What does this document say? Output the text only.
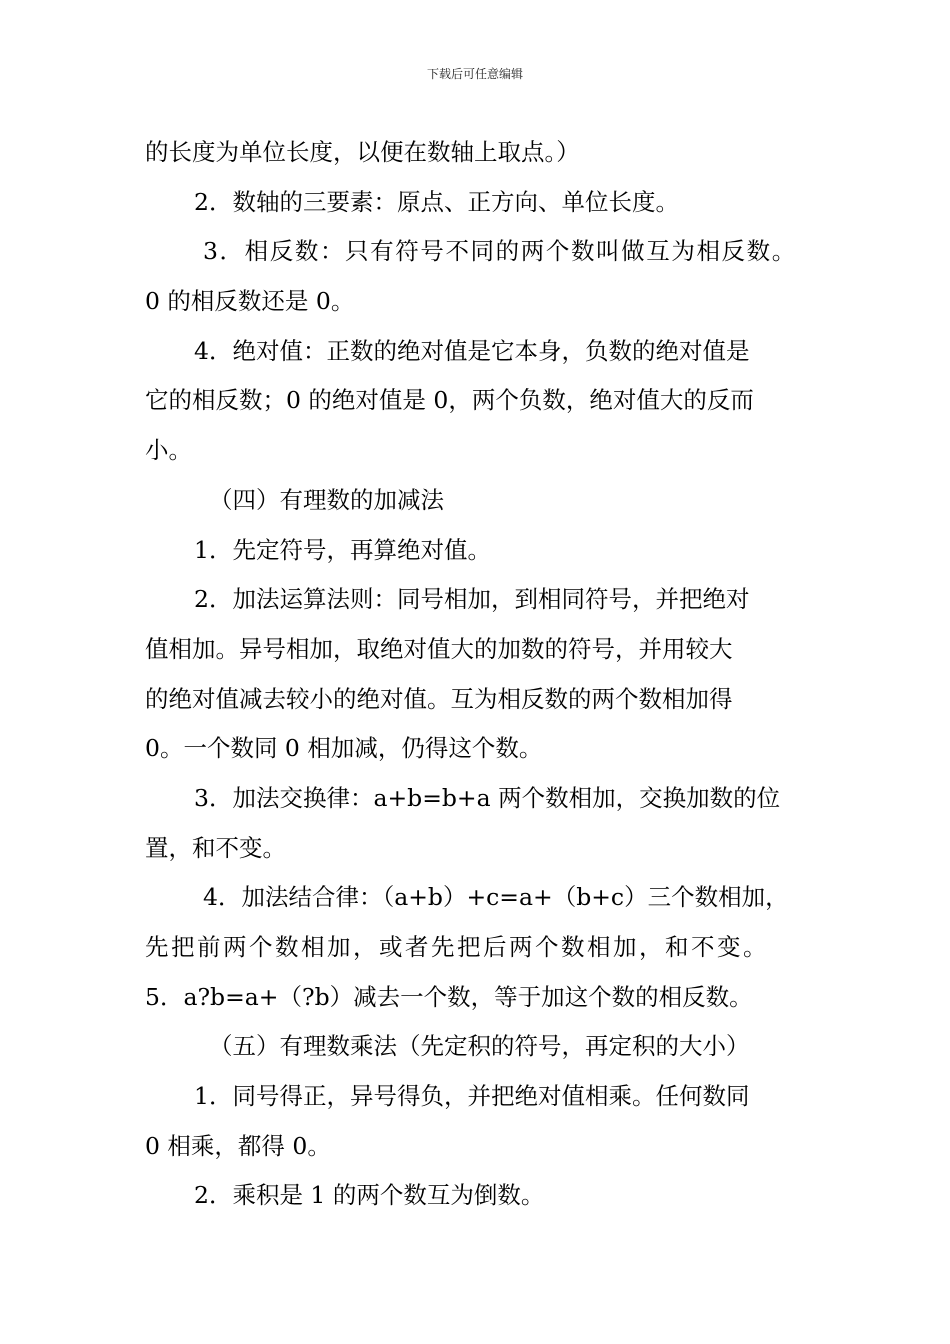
下载后可任意编辑
的长度为单位长度，以便在数轴上取点。）
2．数轴的三要素：原点、正方向、单位长度。
3．相反数：只有符号不同的两个数叫做互为相反数。
0 的相反数还是 0。
4．绝对值：正数的绝对值是它本身，负数的绝对值是
它的相反数；0 的绝对值是 0，两个负数，绝对值大的反而
小。
（四）有理数的加减法
1．先定符号，再算绝对值。
2．加法运算法则：同号相加，到相同符号，并把绝对
值相加。异号相加，取绝对值大的加数的符号，并用较大
的绝对值减去较小的绝对值。互为相反数的两个数相加得
0。一个数同 0 相加减，仍得这个数。
3．加法交换律：a+b=b+a 两个数相加，交换加数的位
置，和不变。
4．加法结合律：（a+b）+c=a+（b+c）三个数相加，
先把前两个数相加，或者先把后两个数相加，和不变。
5．a?b=a+（?b）减去一个数，等于加这个数的相反数。
（五）有理数乘法（先定积的符号，再定积的大小）
1．同号得正，异号得负，并把绝对值相乘。任何数同
0 相乘，都得 0。
2．乘积是 1 的两个数互为倒数。
